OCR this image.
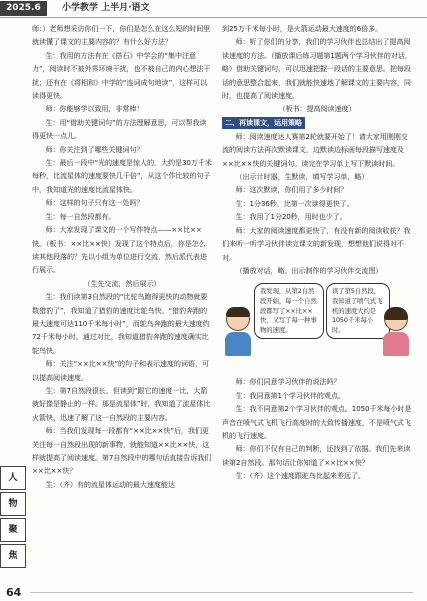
2025.6	小学教学 上半月·语文

师：）老师想采访你们一下，你们是怎么在这么短的时间里就读懂了课文的主要内容的？有什么好方法？

生：我用的方法有在《搭石》中学会的“集中注意力”，阅读时不被外界环境干扰，也不被自己的内心想法干扰；还有在《将相和》中学的“连词成句地读”，这样可以读得更快。

师：你能够学以致用，非常棒！

生：用“借助关键词句”的方法理解意思，可以帮我读得更快一点儿。

师：你关注到了哪些关键词句？

生：最后一段中“光的速度是惊人的，大约是30万千米每秒，比流星体的速度要快几千倍”，从这个作比较的句子中，我知道光的速度比流星体快。

师：这样的句子只有这一处吗？

生：每一自然段都有。

师：大家发现了课文的一个写作特点——××比××快。（板书：××比××快）发现了这个特点后，你是怎么读其他段落的？先以小组为单位进行交流，然后派代表进行展示。

（生先交流，然后展示）

生：我们读第3自然段的“比驼鸟跑得更快的动物就要数猎豹了”，我知道了猎豹的速度比鸵鸟快。“猎豹奔跑的最大速度可达110千米每小时”，而鸵鸟奔跑的最大速度约72千米每小时，通过对比，我知道猎豹奔跑的速度确实比鸵鸟快。

师：关注“××比××快”的句子和表示速度的词语，可以提高阅读速度。

生：第7自然段很长，但读到“跟它的速度一比，大箭就好像是静止的一样。那是流星体”时，我知道了流星体比火箭快，迅速了解了这一自然段的主要内容。

师：当我们发现每一段都有“××比××快”后，我们更关注每一自然段出现的新事物，就能知道××比××快，这样就提高了阅读速度。第7自然段中的哪句话直接告诉我们××比××快？

生：（齐）有的流星体运动的最大速度能达

到25万千米每小时，是火箭运动最大速度的6倍多。

师：听了你们的分享，我们的学习伙伴也总结出了提高阅读速度的方法。（播放课后练习题第1题两个学习伙伴的对话，略）借助关键词句，可以迅速把握一段话的主要意思。把每段话的意思整合起来，我们就能快速地了解课文的主要内容，同时，也提高了阅读速度。

（板书：提高阅读速度）

二、再读课文，运用策略

师：阅读速度达人赛第2轮就要开始了！请大家用刚刚交流的阅读方法再次默读课文，边默读边标画每段描写速度及××比××快的关键词句。读完在学习单上写下默读时间。

（出示计时器，生默读，填写学习单，略）

师：这次默读，你们用了多少时间？

生：1分36秒，比第一次读得更快了。

生：我用了1分20秒，用时也少了。

师：大家的阅读速度都更快了，有没有新的阅读收获？我们来听一听学习伙伴读完课文的新发现，想想他们说得对不对。

（播放对话，略。出示制作的学习伙伴交流图）

我发现，从第2自然段开始，每一个自然段都写了××比××快，又写了每一种事物的速度。
读了第5自然段，我知道了喷气式飞机的速度大约是1050千米每小时。

师：你们同意学习伙伴的说法吗？

生：我同意第1个学习伙伴的观点。

生：我不同意第2个学习伙伴的观点。1050千米每小时是声音在喷气式飞机飞行高度时的大致传播速度，不是喷气式飞机的飞行速度。

师：你们不仅有自己的判断，还找到了依据。我们先来读读第2自然段。那句话让你知道了××比××快？

生：（齐）这个速度跟驼鸟比起来差远了。

人
物
聚
焦
64
